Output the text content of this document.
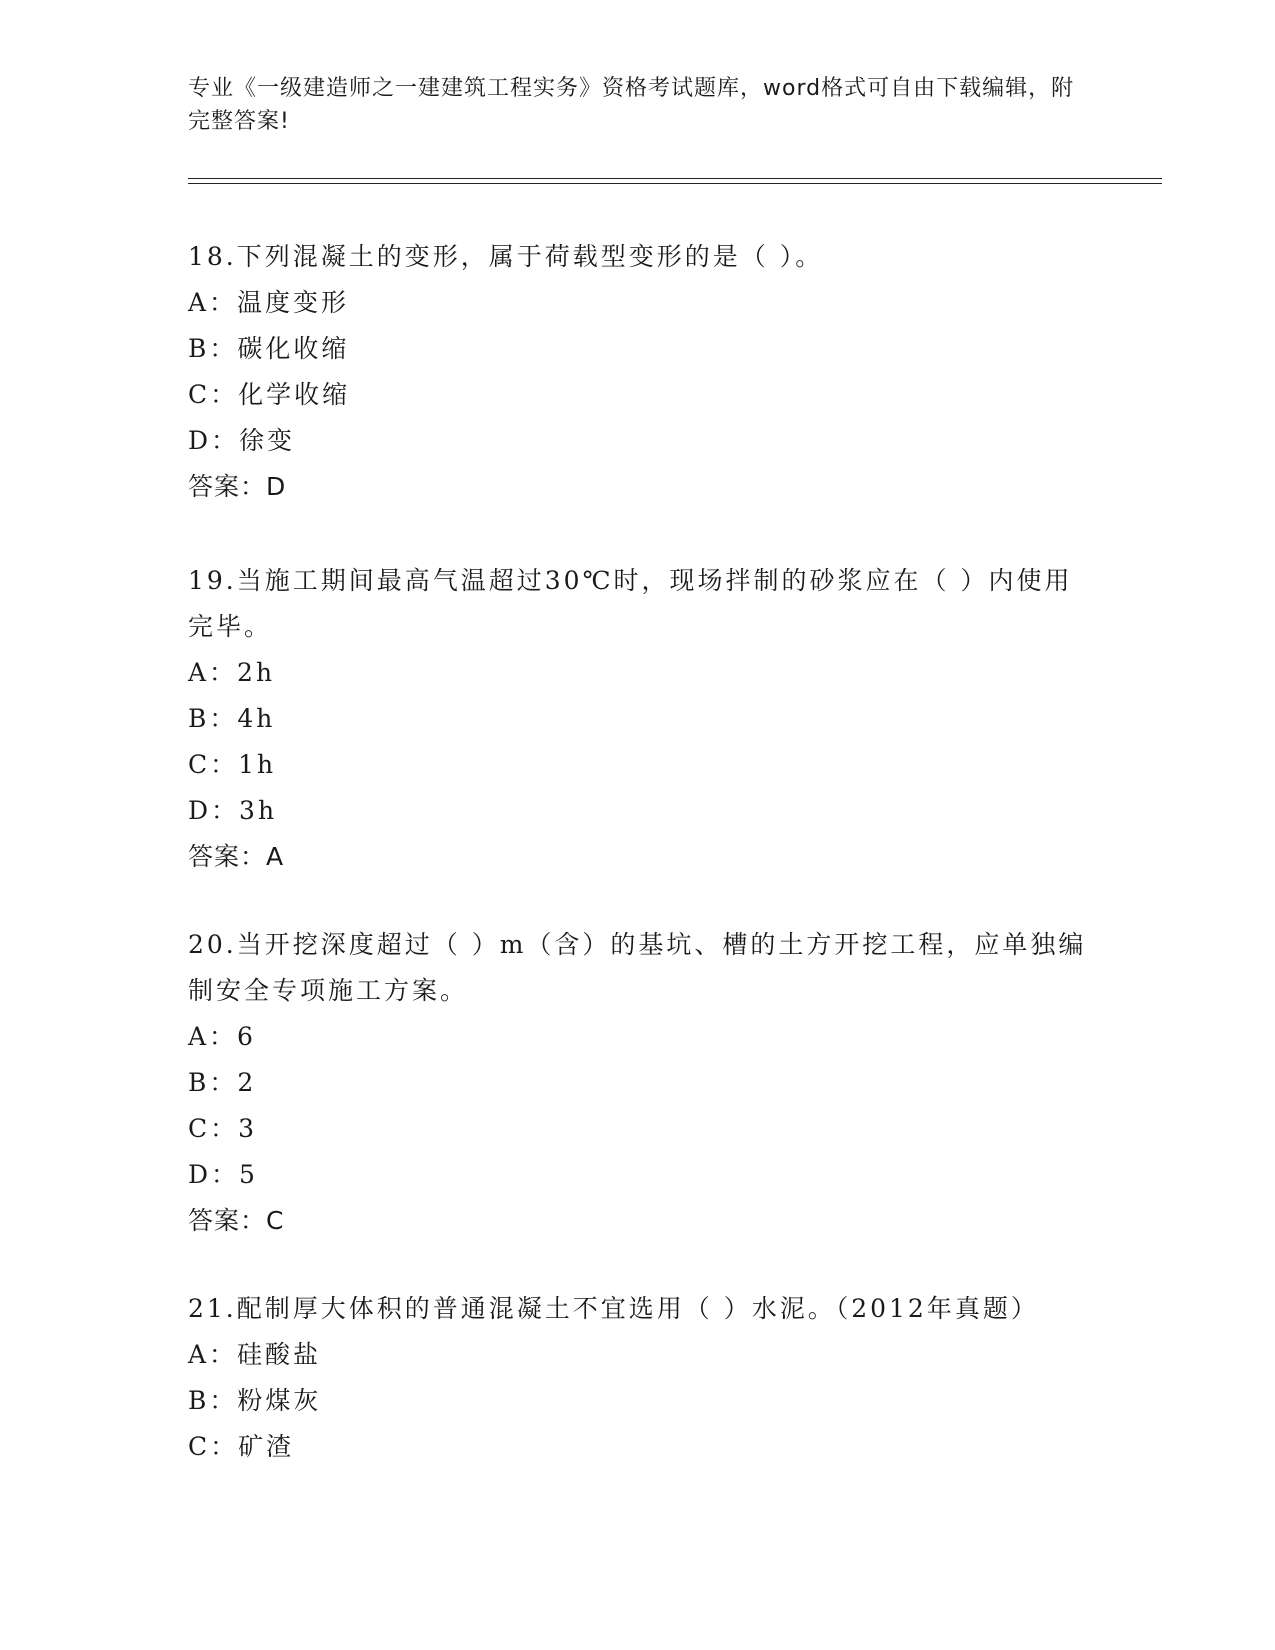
专业《一级建造师之一建建筑工程实务》资格考试题库，word格式可自由下载编辑，附完整答案!

18.下列混凝土的变形，属于荷载型变形的是（ ）。

A：温度变形
B：碳化收缩
C：化学收缩
D：徐变
答案：D

19.当施工期间最高气温超过30℃时，现场拌制的砂浆应在（ ）内使用完毕。

A：2h
B：4h
C：1h
D：3h
答案：A

20.当开挖深度超过（ ）m（含）的基坑、槽的土方开挖工程，应单独编制安全专项施工方案。

A：6
B：2
C：3
D：5
答案：C

21.配制厚大体积的普通混凝土不宜选用（ ）水泥。（2012年真题）

A：硅酸盐
B：粉煤灰
C：矿渣
